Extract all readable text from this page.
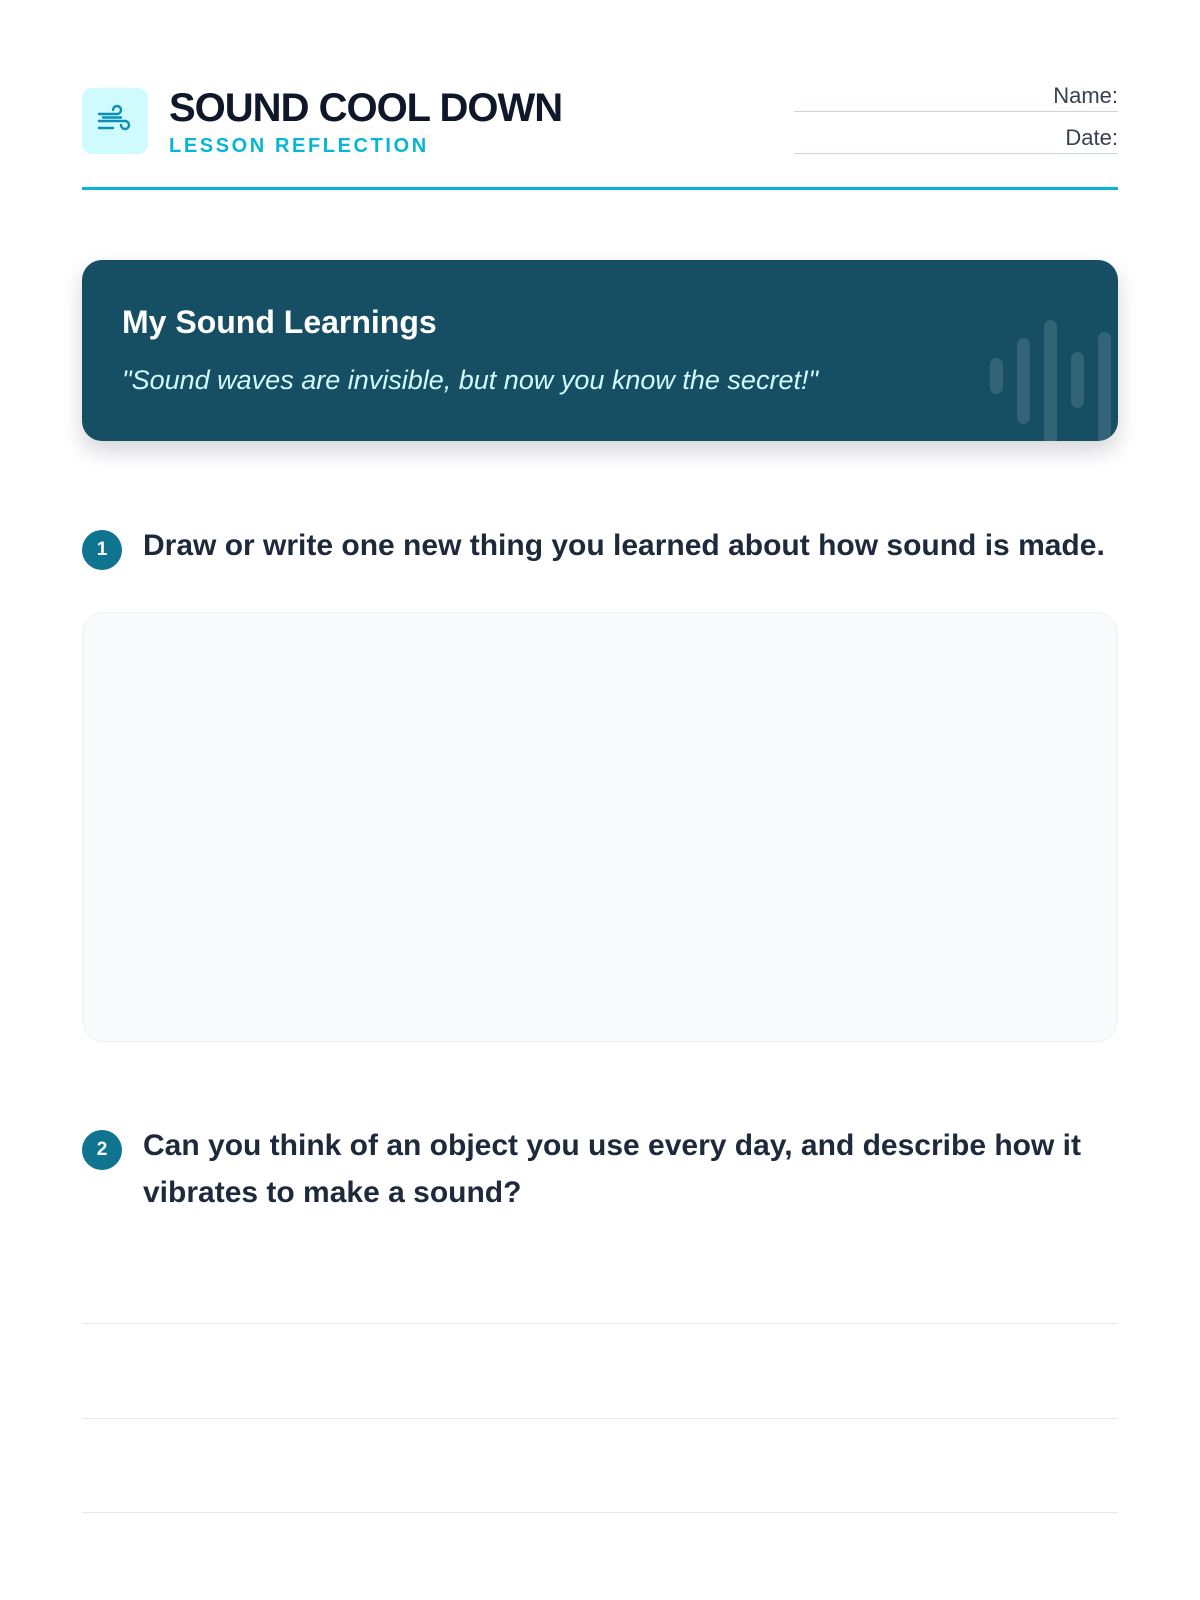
SOUND COOL DOWN
LESSON REFLECTION
Name:
Date:
My Sound Learnings
"Sound waves are invisible, but now you know the secret!"
1	Draw or write one new thing you learned about how sound is made.
2	Can you think of an object you use every day, and describe how it vibrates to make a sound?
